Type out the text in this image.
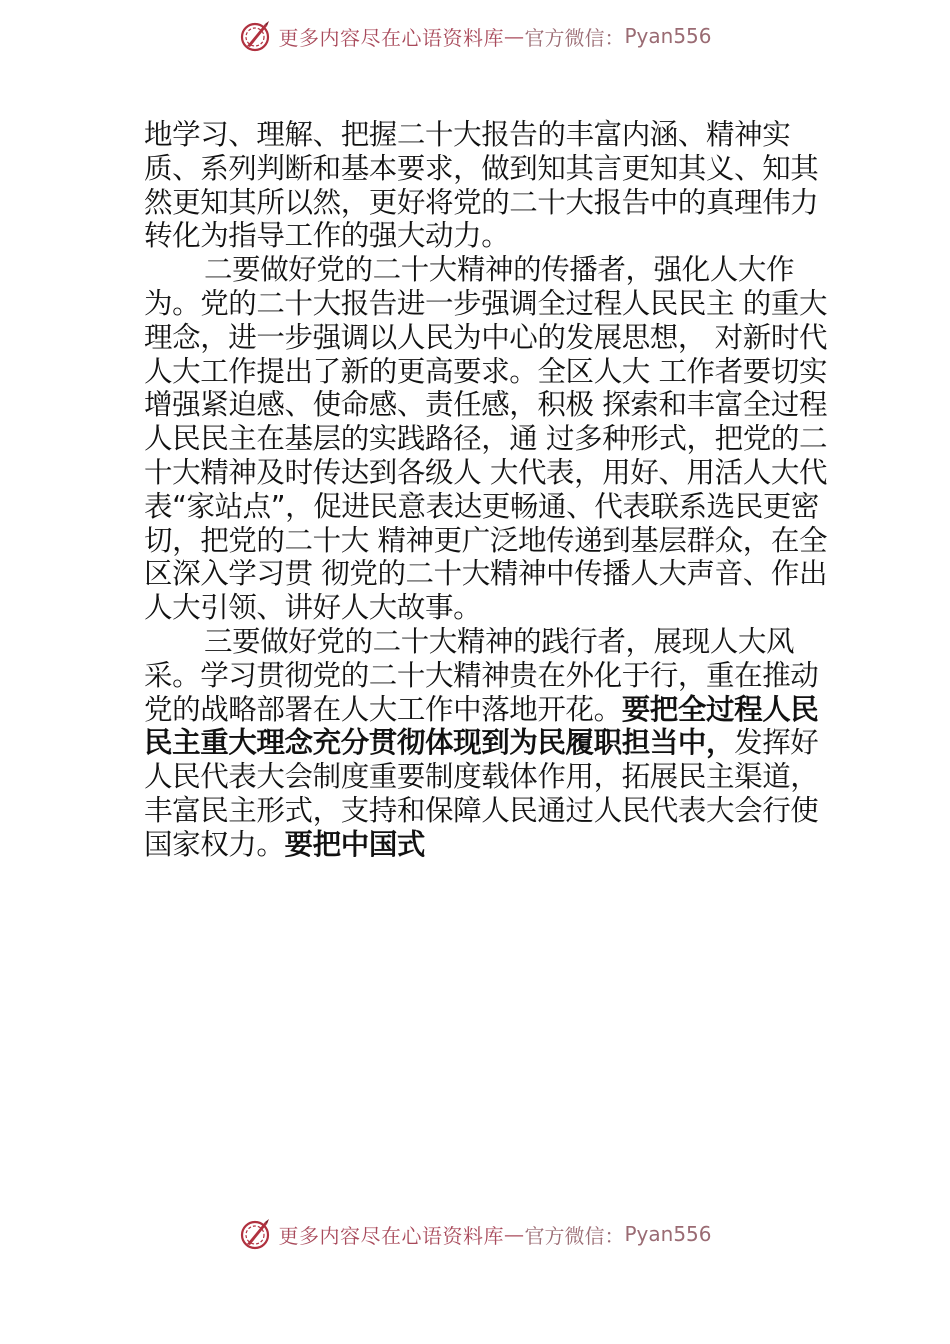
更多内容尽在心语资料库 — 官方微信： Pyan556

地学习、理解、把握二十大报告的丰富内涵、精神实质、系列判断和基本要求，做到知其言更知其义、知其然更知其所以然，更好将党的二十大报告中的真理伟力转化为指导工作的强大动力。

二要做好党的二十大精神的传播者，强化人大作为。党的二十大报告进一步强调全过程人民民主 的重大理念，进一步强调以人民为中心的发展思想， 对新时代人大工作提出了新的更高要求。全区人大 工作者要切实增强紧迫感、使命感、责任感，积极 探索和丰富全过程人民民主在基层的实践路径，通 过多种形式，把党的二十大精神及时传达到各级人 大代表，用好、用活人大代表“家站点”，促进民意表达更畅通、代表联系选民更密切，把党的二十大 精神更广泛地传递到基层群众，在全区深入学习贯 彻党的二十大精神中传播人大声音、作出人大引领、讲好人大故事。

三要做好党的二十大精神的践行者，展现人大风采。学习贯彻党的二十大精神贵在外化于行，重在推动党的战略部署在人大工作中落地开花。要把全过程人民民主重大理念充分贯彻体现到为民履职担当中，发挥好人民代表大会制度重要制度载体作用，拓展民主渠道，丰富民主形式，支持和保障人民通过人民代表大会行使国家权力。要把中国式

更多内容尽在心语资料库 — 官方微信： Pyan556
